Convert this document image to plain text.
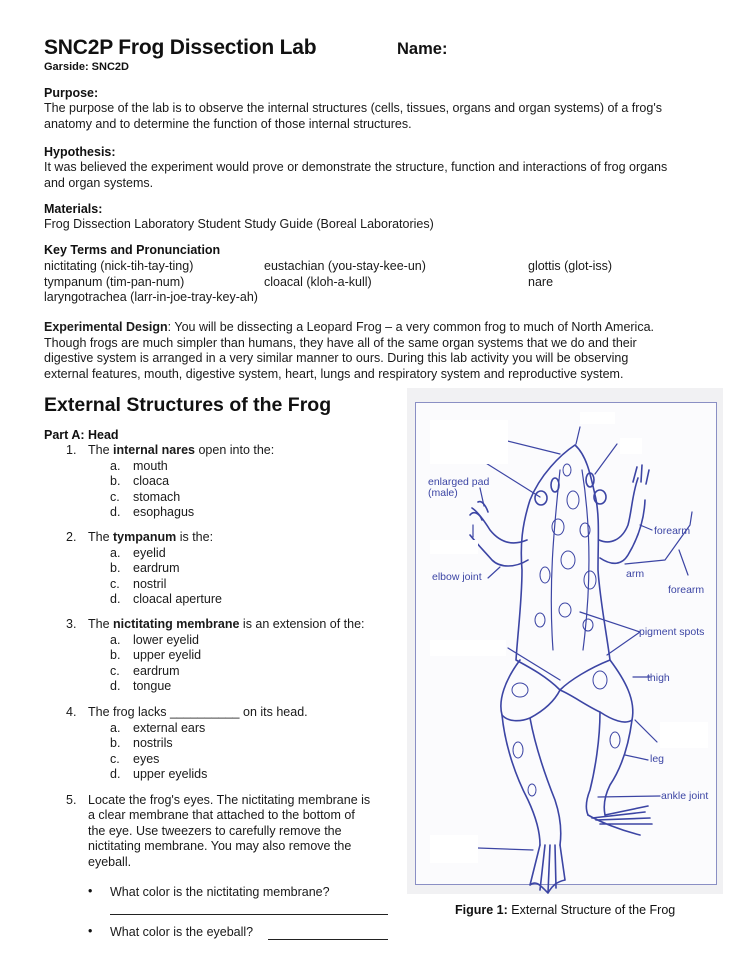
SNC2P Frog Dissection Lab	Name:
Garside: SNC2D
Purpose:
The purpose of the lab is to observe the internal structures (cells, tissues, organs and organ systems) of a frog's
anatomy and to determine the function of those internal structures.
Hypothesis:
It was believed the experiment would prove or demonstrate the structure, function and interactions of frog organs
and organ systems.
Materials:
Frog Dissection Laboratory Student Study Guide (Boreal Laboratories)
Key Terms and Pronunciation
nictitating (nick-tih-tay-ting)
tympanum (tim-pan-num)
laryngotrachea (larr-in-joe-tray-key-ah)
eustachian (you-stay-kee-un)
cloacal (kloh-a-kull)
glottis (glot-iss)
nare
Experimental Design: You will be dissecting a Leopard Frog – a very common frog to much of North America.
Though frogs are much simpler than humans, they have all of the same organ systems that we do and their
digestive system is arranged in a very similar manner to ours. During this lab activity you will be observing
external features, mouth, digestive system, heart, lungs and respiratory system and reproductive system.
External Structures of the Frog
Part A: Head
1. The internal nares open into the:
a. mouth
b. cloaca
c. stomach
d. esophagus
2. The tympanum is the:
a. eyelid
b. eardrum
c. nostril
d. cloacal aperture
3. The nictitating membrane is an extension of the:
a. lower eyelid
b. upper eyelid
c. eardrum
d. tongue
4. The frog lacks __________ on its head.
a. external ears
b. nostrils
c. eyes
d. upper eyelids
5. Locate the frog's eyes. The nictitating membrane is
a clear membrane that attached to the bottom of
the eye. Use tweezers to carefully remove the
nictitating membrane. You may also remove the
eyeball.
• What color is the nictitating membrane?
• What color is the eyeball?
enlarged pad
(male)
forearm
elbow joint	arm
forearm
pigment spots
thigh
leg
ankle joint
Figure 1: External Structure of the Frog
